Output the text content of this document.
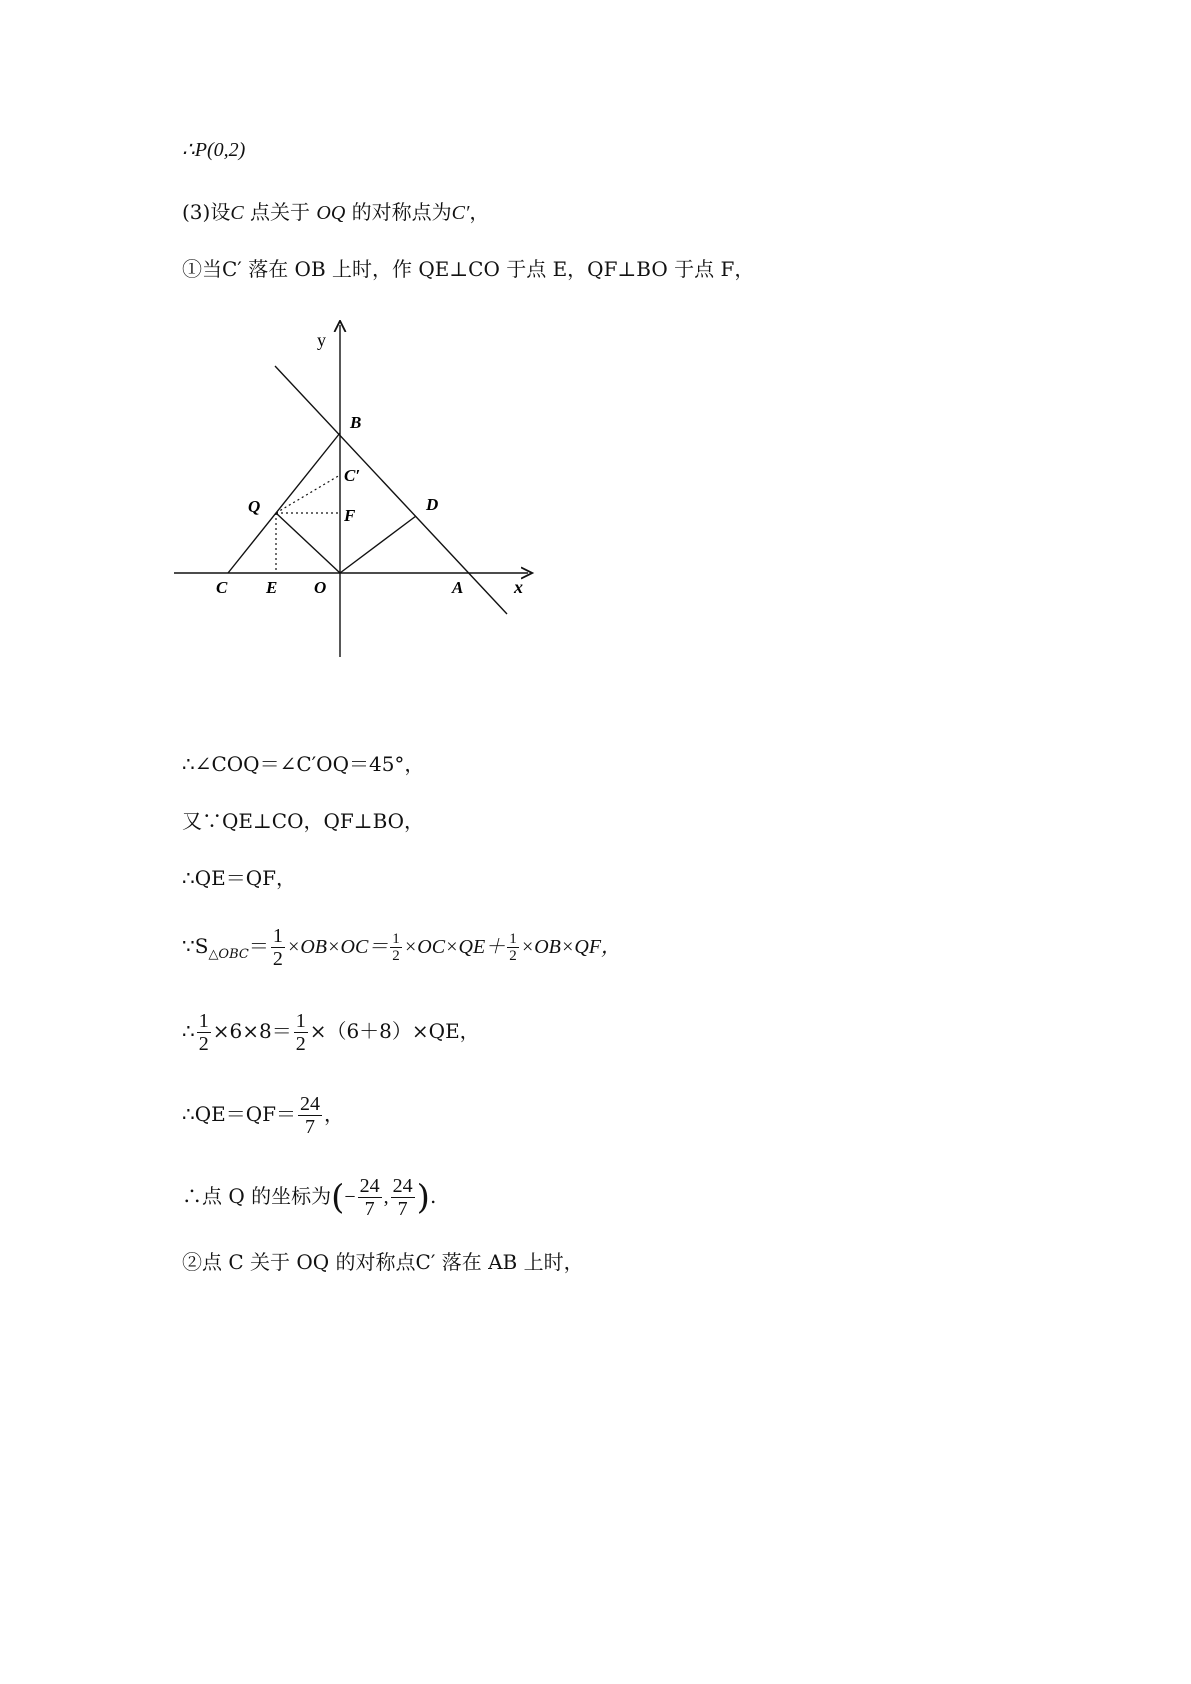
∴P(0,2)
(3)设C 点关于 OQ 的对称点为C′，
①当C′ 落在 OB 上时，作 QE⊥CO 于点 E，QF⊥BO 于点 F，
y
x
B
C′
Q	F
D
C E O	A
∴∠COQ＝∠C′OQ＝45°，
又∵QE⊥CO，QF⊥BO，
∴QE＝QF，
$\because S_{\triangle OBC}= \frac{1}{2} \times OB\times OC= \frac{1}{2} \times OC\times QE+ \frac{1}{2} \times OB\times QF$，
∴ $\frac{1}{2} \times 6\times 8= \frac{1}{2} \times(6+8)\times QE$，
∴QE＝QF＝ $\frac{24}{7}$ ，
∴点 Q 的坐标为(− $\frac{24}{7}$ , $\frac{24}{7}$ ).
②点 C 关于 OQ 的对称点C′ 落在 AB 上时，
